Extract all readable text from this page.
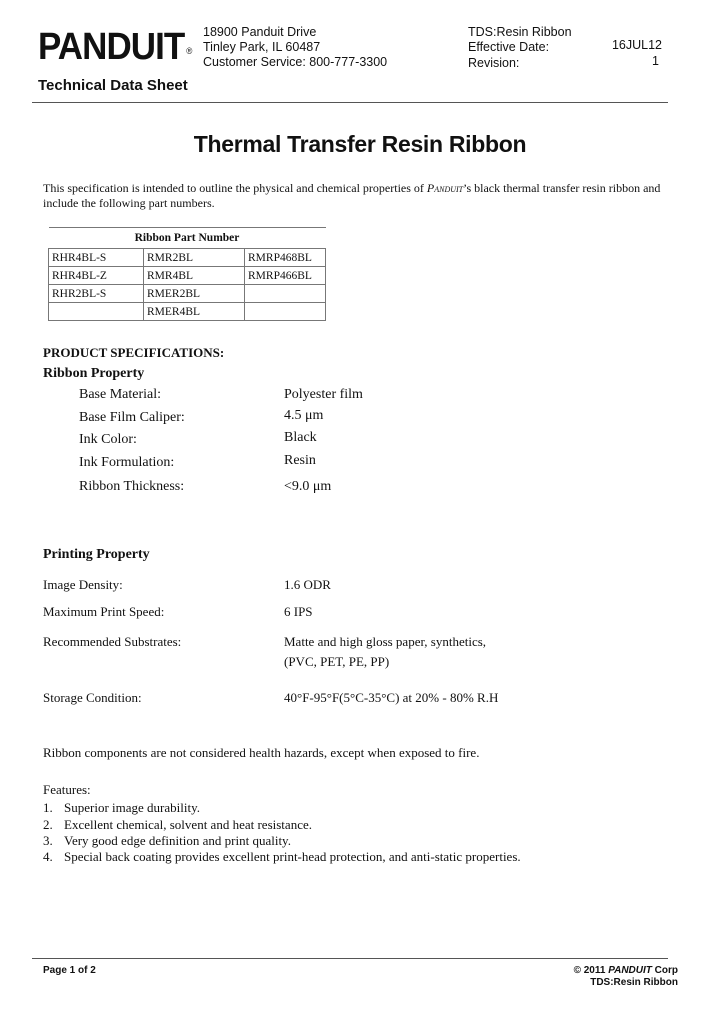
PANDUIT ®
Technical Data Sheet
18900 Panduit Drive
Tinley Park, IL 60487
Customer Service: 800-777-3300
TDS:Resin Ribbon
Effective Date:
Revision:
16JUL12
1
Thermal Transfer Resin Ribbon
This specification is intended to outline the physical and chemical properties of Panduit’s black thermal transfer resin ribbon and include the following part numbers.
Ribbon Part Number		
RHR4BL-S	RMR2BL	RMRP468BL
RHR4BL-Z	RMR4BL	RMRP466BL
RHR2BL-S	RMER2BL	
	RMER4BL	
PRODUCT SPECIFICATIONS:
Ribbon Property
Base Material:	Polyester film
Base Film Caliper:	4.5 μm
Ink Color:	Black
Ink Formulation:	Resin
Ribbon Thickness:	<9.0 μm
Printing Property
Image Density:	1.6 ODR
Maximum Print Speed:	6 IPS
Recommended Substrates:	Matte and high gloss paper, synthetics,
(PVC, PET, PE, PP)
Storage Condition:	40°F-95°F(5°C-35°C) at 20% - 80% R.H
Ribbon components are not considered health hazards, except when exposed to fire.
Features:
1. Superior image durability.
2. Excellent chemical, solvent and heat resistance.
3. Very good edge definition and print quality.
4. Special back coating provides excellent print-head protection, and anti-static properties.
Page 1 of 2	© 2011 PANDUIT Corp
TDS:Resin Ribbon
